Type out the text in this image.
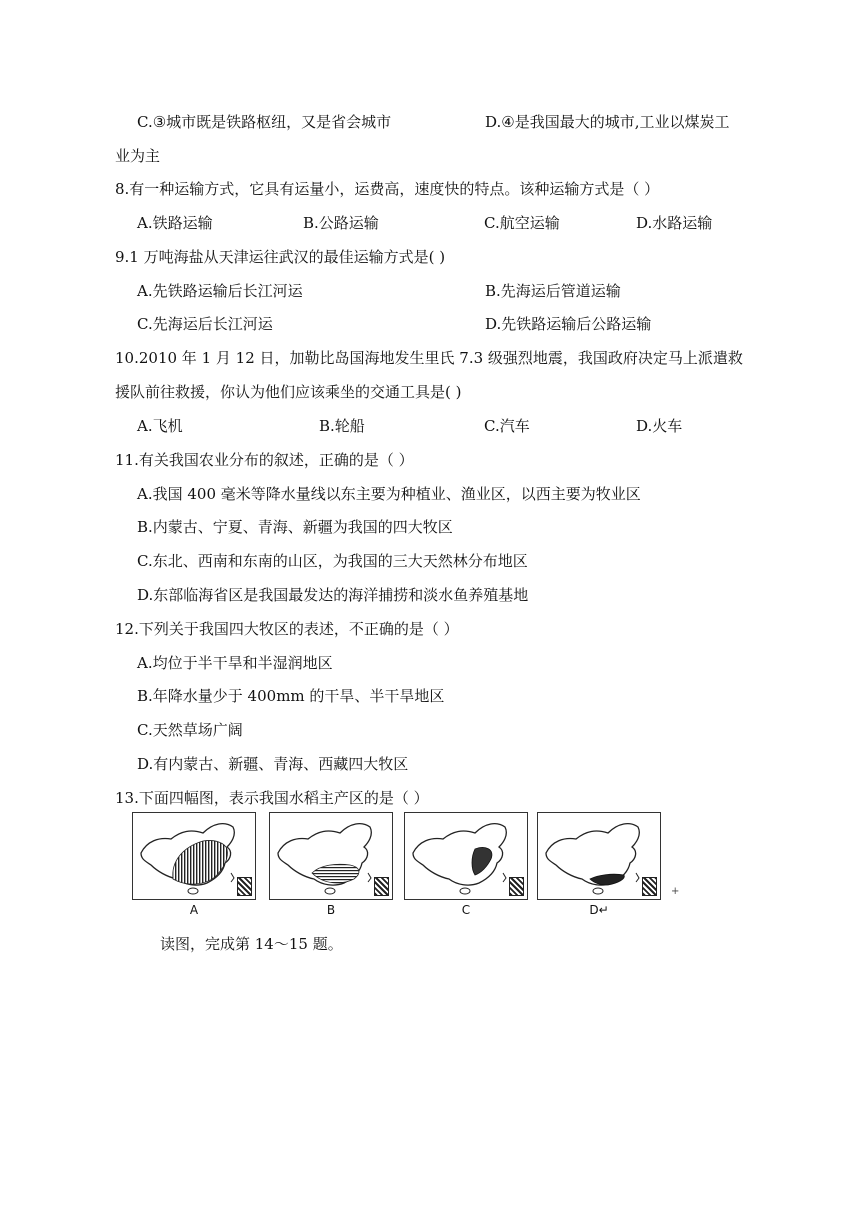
C.③城市既是铁路枢纽，又是省会城市	D.④是我国最大的城市,工业以煤炭工
业为主
8.有一种运输方式，它具有运量小，运费高，速度快的特点。该种运输方式是（ ）
A.铁路运输	B.公路运输	C.航空运输	D.水路运输
9.1 万吨海盐从天津运往武汉的最佳运输方式是( )
A.先铁路运输后长江河运	B.先海运后管道运输
C.先海运后长江河运	D.先铁路运输后公路运输
10.2010 年 1 月 12 日，加勒比岛国海地发生里氏 7.3 级强烈地震，我国政府决定马上派遣救
援队前往救援，你认为他们应该乘坐的交通工具是( )
A.飞机	B.轮船	C.汽车	D.火车
11.有关我国农业分布的叙述，正确的是（ ）
A.我国 400 毫米等降水量线以东主要为种植业、渔业区，以西主要为牧业区
B.内蒙古、宁夏、青海、新疆为我国的四大牧区
C.东北、西南和东南的山区，为我国的三大天然林分布地区
D.东部临海省区是我国最发达的海洋捕捞和淡水鱼养殖基地
12.下列关于我国四大牧区的表述，不正确的是（ ）
A.均位于半干旱和半湿润地区
B.年降水量少于 400mm 的干旱、半干旱地区
C.天然草场广阔
D.有内蒙古、新疆、青海、西藏四大牧区
13.下面四幅图，表示我国水稻主产区的是（ ）
A	B	C	D↵
+
读图，完成第 14～15 题。
